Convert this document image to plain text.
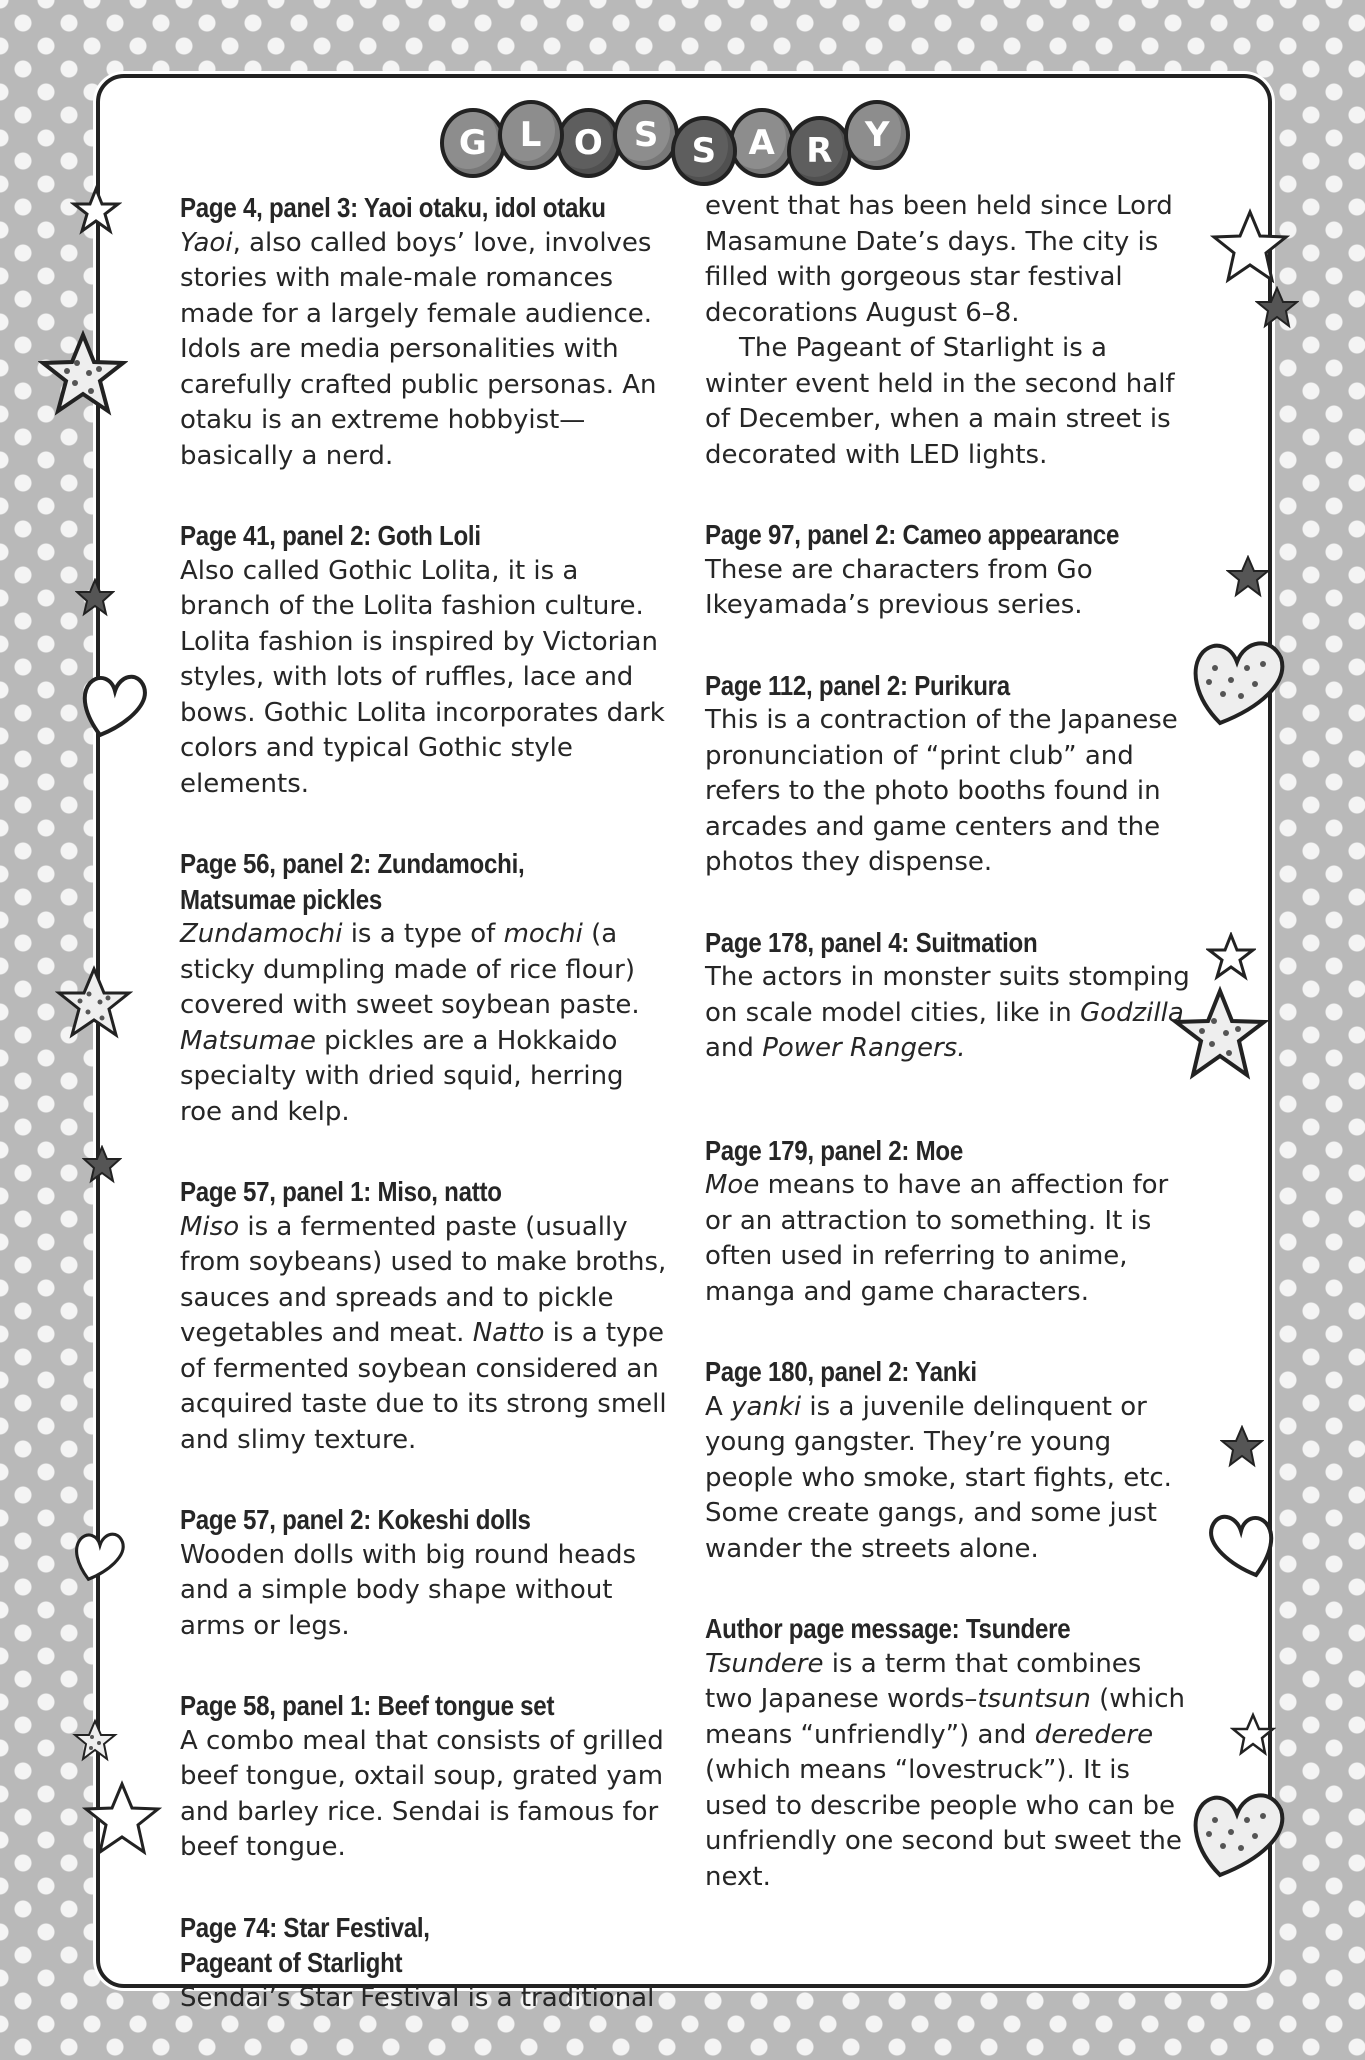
G L O S S A R Y
Page 4, panel 3: Yaoi otaku, idol otaku

Yaoi, also called boys’ love, involves stories with male-male romances made for a largely female audience. Idols are media personalities with carefully crafted public personas. An otaku is an extreme hobbyist—basically a nerd.

Page 41, panel 2: Goth Loli

Also called Gothic Lolita, it is a branch of the Lolita fashion culture. Lolita fashion is inspired by Victorian styles, with lots of ruffles, lace and bows. Gothic Lolita incorporates dark colors and typical Gothic style elements.

Page 56, panel 2: Zundamochi,
Matsumae pickles

Zundamochi is a type of mochi (a sticky dumpling made of rice flour) covered with sweet soybean paste. Matsumae pickles are a Hokkaido specialty with dried squid, herring roe and kelp.

Page 57, panel 1: Miso, natto

Miso is a fermented paste (usually from soybeans) used to make broths, sauces and spreads and to pickle vegetables and meat. Natto is a type of fermented soybean considered an acquired taste due to its strong smell and slimy texture.

Page 57, panel 2: Kokeshi dolls

Wooden dolls with big round heads and a simple body shape without arms or legs.

Page 58, panel 1: Beef tongue set

A combo meal that consists of grilled beef tongue, oxtail soup, grated yam and barley rice. Sendai is famous for beef tongue.

Page 74: Star Festival,
Pageant of Starlight

Sendai’s Star Festival is a traditional

event that has been held since Lord Masamune Date’s days. The city is filled with gorgeous star festival decorations August 6–8.

The Pageant of Starlight is a winter event held in the second half of December, when a main street is decorated with LED lights.

Page 97, panel 2: Cameo appearance

These are characters from Go Ikeyamada’s previous series.

Page 112, panel 2: Purikura

This is a contraction of the Japanese pronunciation of “print club” and refers to the photo booths found in arcades and game centers and the photos they dispense.

Page 178, panel 4: Suitmation

The actors in monster suits stomping on scale model cities, like in Godzilla and Power Rangers.

Page 179, panel 2: Moe

Moe means to have an affection for or an attraction to something. It is often used in referring to anime, manga and game characters.

Page 180, panel 2: Yanki

A yanki is a juvenile delinquent or young gangster. They’re young people who smoke, start fights, etc. Some create gangs, and some just wander the streets alone.

Author page message: Tsundere

Tsundere is a term that combines two Japanese words–tsuntsun (which means “unfriendly”) and deredere (which means “lovestruck”). It is used to describe people who can be unfriendly one second but sweet the next.
